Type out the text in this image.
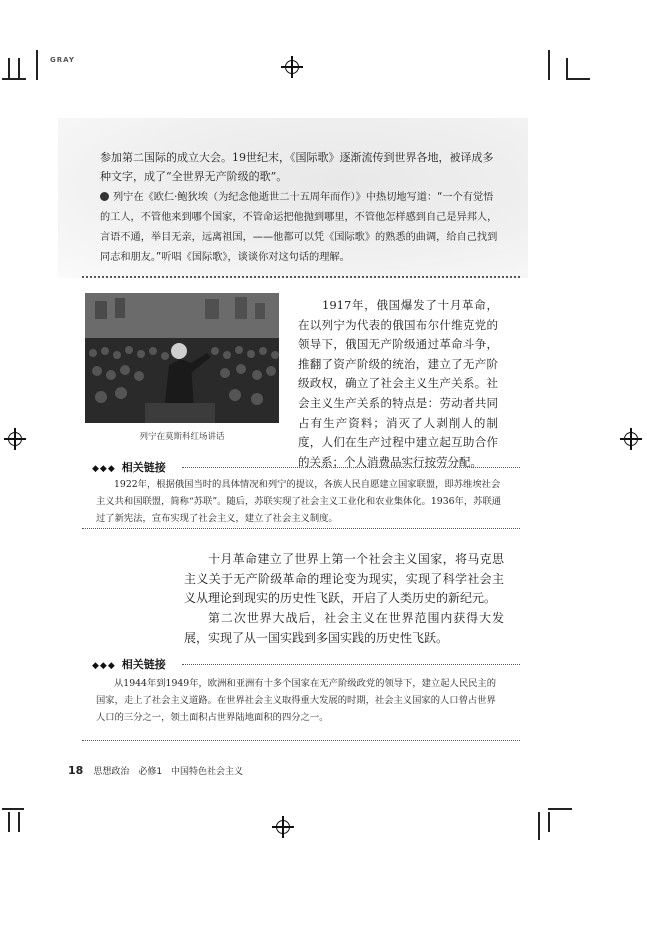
GRAY
参加第二国际的成立大会。19世纪末，《国际歌》逐渐流传到世界各地，被译成多种文字，成了“全世界无产阶级的歌”。
列宁在《欧仁·鲍狄埃（为纪念他逝世二十五周年而作）》中热切地写道：“一个有觉悟的工人，不管他来到哪个国家，不管命运把他抛到哪里，不管他怎样感到自己是异邦人，言语不通，举目无亲，远离祖国，——他都可以凭《国际歌》的熟悉的曲调，给自己找到同志和朋友。”听唱《国际歌》，谈谈你对这句话的理解。
列宁在莫斯科红场讲话
1917年，俄国爆发了十月革命，在以列宁为代表的俄国布尔什维克党的领导下，俄国无产阶级通过革命斗争，推翻了资产阶级的统治，建立了无产阶级政权，确立了社会主义生产关系。社会主义生产关系的特点是：劳动者共同占有生产资料；消灭了人剥削人的制度，人们在生产过程中建立起互助合作的关系；个人消费品实行按劳分配。
◆◆◆ 相关链接
1922年，根据俄国当时的具体情况和列宁的提议，各族人民自愿建立国家联盟，即苏维埃社会主义共和国联盟，简称“苏联”。随后，苏联实现了社会主义工业化和农业集体化。1936年，苏联通过了新宪法，宣布实现了社会主义，建立了社会主义制度。
十月革命建立了世界上第一个社会主义国家，将马克思主义关于无产阶级革命的理论变为现实，实现了科学社会主义从理论到现实的历史性飞跃，开启了人类历史的新纪元。
第二次世界大战后，社会主义在世界范围内获得大发展，实现了从一国实践到多国实践的历史性飞跃。
◆◆◆ 相关链接
从1944年到1949年，欧洲和亚洲有十多个国家在无产阶级政党的领导下，建立起人民民主的国家，走上了社会主义道路。在世界社会主义取得重大发展的时期，社会主义国家的人口曾占世界人口的三分之一，领土面积占世界陆地面积的四分之一。
18 思想政治　必修1　中国特色社会主义
